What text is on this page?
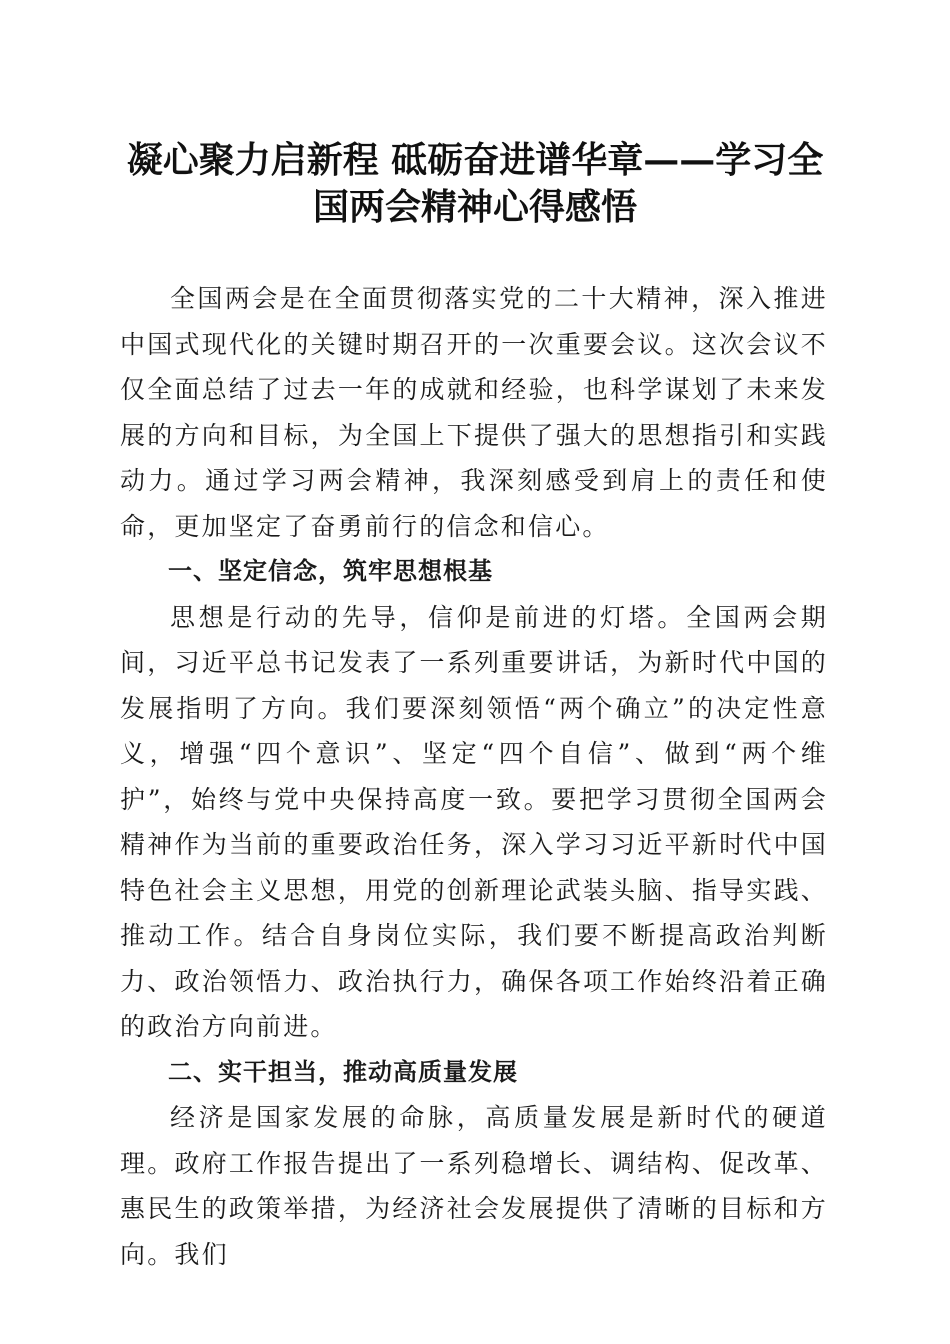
凝心聚力启新程 砥砺奋进谱华章——学习全国两会精神心得感悟

全国两会是在全面贯彻落实党的二十大精神，深入推进中国式现代化的关键时期召开的一次重要会议。这次会议不仅全面总结了过去一年的成就和经验，也科学谋划了未来发展的方向和目标，为全国上下提供了强大的思想指引和实践动力。通过学习两会精神，我深刻感受到肩上的责任和使命，更加坚定了奋勇前行的信念和信心。

一、坚定信念，筑牢思想根基

思想是行动的先导，信仰是前进的灯塔。全国两会期间，习近平总书记发表了一系列重要讲话，为新时代中国的发展指明了方向。我们要深刻领悟“两个确立”的决定性意义，增强“四个意识”、坚定“四个自信”、做到“两个维护”，始终与党中央保持高度一致。要把学习贯彻全国两会精神作为当前的重要政治任务，深入学习习近平新时代中国特色社会主义思想，用党的创新理论武装头脑、指导实践、推动工作。结合自身岗位实际，我们要不断提高政治判断力、政治领悟力、政治执行力，确保各项工作始终沿着正确的政治方向前进。

二、实干担当，推动高质量发展

经济是国家发展的命脉，高质量发展是新时代的硬道理。政府工作报告提出了一系列稳增长、调结构、促改革、惠民生的政策举措，为经济社会发展提供了清晰的目标和方向。我们
